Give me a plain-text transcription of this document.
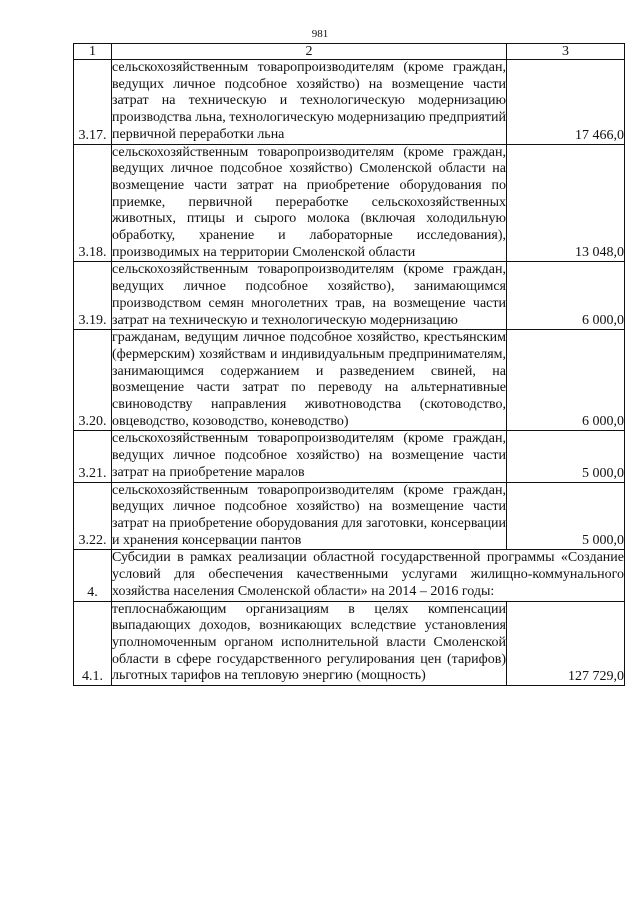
981
1	2	3
3.17.	сельскохозяйственным товаропроизводителям (кроме граждан, ведущих личное подсобное хозяйство) на возмещение части затрат на техническую и технологическую модернизацию производства льна, технологическую модернизацию предприятий первичной переработки льна	17 466,0
3.18.	сельскохозяйственным товаропроизводителям (кроме граждан, ведущих личное подсобное хозяйство) Смоленской области на возмещение части затрат на приобретение оборудования по приемке, первичной переработке сельскохозяйственных животных, птицы и сырого молока (включая холодильную обработку, хранение и лабораторные исследования), производимых на территории Смоленской области	13 048,0
3.19.	сельскохозяйственным товаропроизводителям (кроме граждан, ведущих личное подсобное хозяйство), занимающимся производством семян многолетних трав, на возмещение части затрат на техническую и технологическую модернизацию	6 000,0
3.20.	гражданам, ведущим личное подсобное хозяйство, крестьянским (фермерским) хозяйствам и индивидуальным предпринимателям, занимающимся содержанием и разведением свиней, на возмещение части затрат по переводу на альтернативные свиноводству направления животноводства (скотоводство, овцеводство, козоводство, коневодство)	6 000,0
3.21.	сельскохозяйственным товаропроизводителям (кроме граждан, ведущих личное подсобное хозяйство) на возмещение части затрат на приобретение маралов	5 000,0
3.22.	сельскохозяйственным товаропроизводителям (кроме граждан, ведущих личное подсобное хозяйство) на возмещение части затрат на приобретение оборудования для заготовки, консервации и хранения консервации пантов	5 000,0
4.	Субсидии в рамках реализации областной государственной программы «Создание условий для обеспечения качественными услугами жилищно-коммунального хозяйства населения Смоленской области» на 2014 – 2016 годы:	
4.1.	теплоснабжающим организациям в целях компенсации выпадающих доходов, возникающих вследствие установления уполномоченным органом исполнительной власти Смоленской области в сфере государственного регулирования цен (тарифов) льготных тарифов на тепловую энергию (мощность)	127 729,0
